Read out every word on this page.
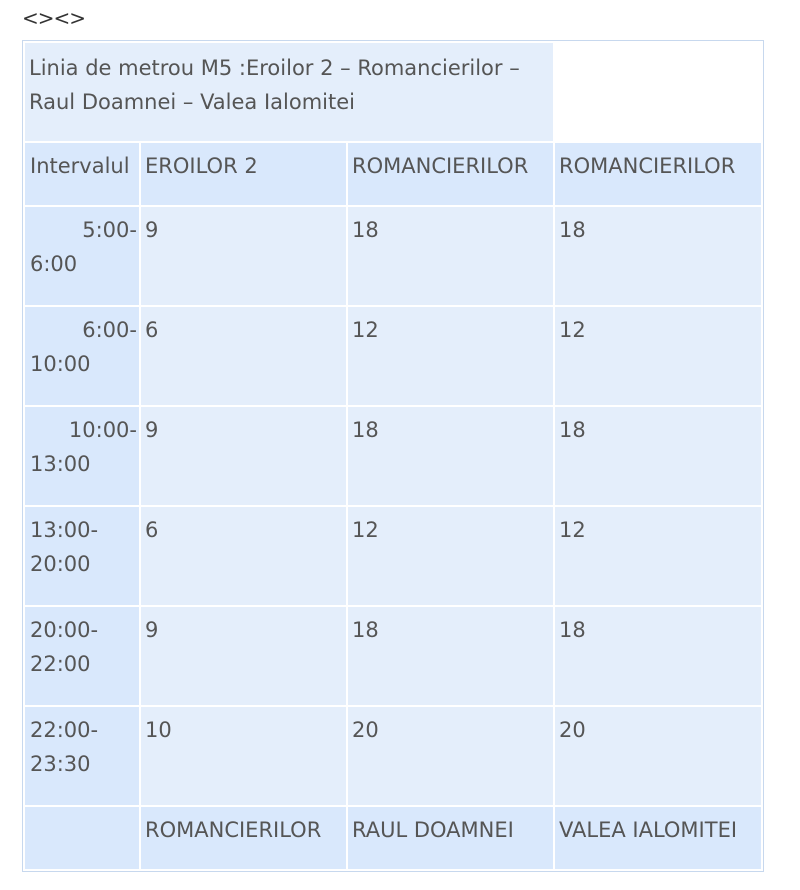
<><>
Linia de metrou M5 :Eroilor 2 – Romancierilor – Raul Doamnei – Valea Ialomitei			
Intervalul	EROILOR 2	ROMANCIERILOR	ROMANCIERILOR

5:00-
6:00	9	18	18

6:00-
10:00	6	12	12

10:00-
13:00	9	18	18

13:00-
20:00	6	12	12

20:00-
22:00	9	18	18

22:00-
23:30	10	20	20
	ROMANCIERILOR	RAUL DOAMNEI	VALEA IALOMITEI
